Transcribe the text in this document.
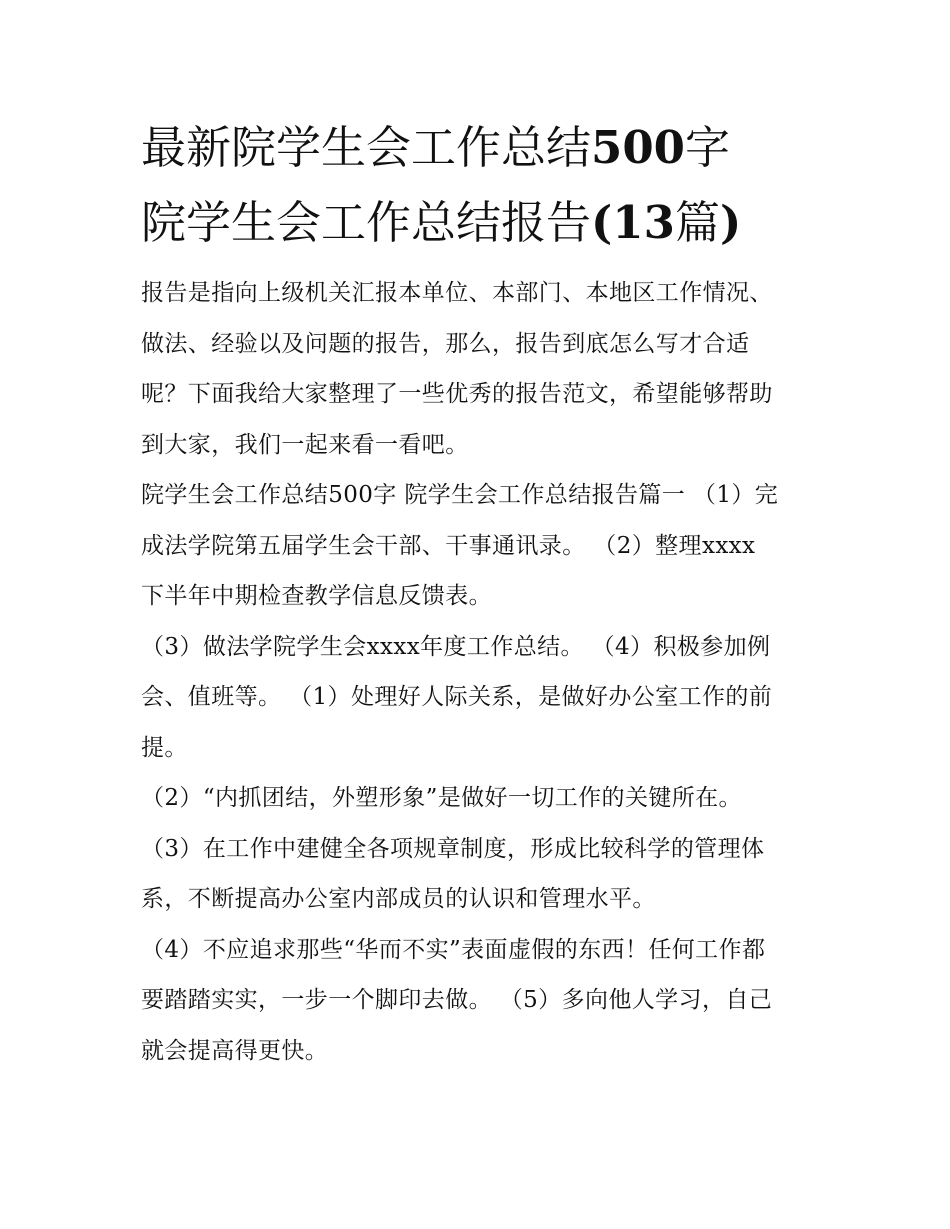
最新院学生会工作总结500字
院学生会工作总结报告(13篇)

报告是指向上级机关汇报本单位、本部门、本地区工作情况、

做法、经验以及问题的报告，那么，报告到底怎么写才合适

呢？下面我给大家整理了一些优秀的报告范文，希望能够帮助

到大家，我们一起来看一看吧。

院学生会工作总结500字 院学生会工作总结报告篇一 （1）完

成法学院第五届学生会干部、干事通讯录。 （2）整理xxxx

下半年中期检查教学信息反馈表。

（3）做法学院学生会xxxx年度工作总结。 （4）积极参加例

会、值班等。 （1）处理好人际关系，是做好办公室工作的前

提。

（2）“内抓团结，外塑形象”是做好一切工作的关键所在。

（3）在工作中建健全各项规章制度，形成比较科学的管理体

系，不断提高办公室内部成员的认识和管理水平。

（4）不应追求那些“华而不实”表面虚假的东西！任何工作都

要踏踏实实，一步一个脚印去做。 （5）多向他人学习，自己

就会提高得更快。
